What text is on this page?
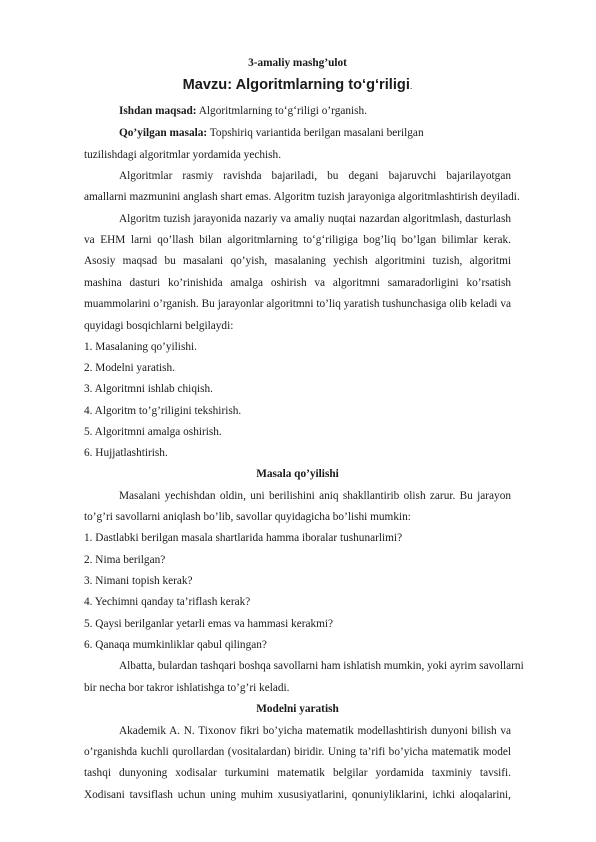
3-amaliy mashg’ulot
Mavzu: Algoritmlarning to‘g‘riligi.
Ishdan maqsad: Algoritmlarning to‘g‘riligi o’rganish.
Qo’yilgan masala: Topshiriq variantida berilgan masalani berilgan
tuzilishdagi algoritmlar yordamida yechish.
Algoritmlar rasmiy ravishda bajariladi, bu degani bajaruvchi bajarilayotgan
amallarni mazmunini anglash shart emas. Algoritm tuzish jarayoniga algoritmlashtirish deyiladi.
Algoritm tuzish jarayonida nazariy va amaliy nuqtai nazardan algoritmlash, dasturlash
va EHM larni qo’llash bilan algoritmlarning to‘g‘riligiga bog’liq bo’lgan bilimlar kerak.
Asosiy maqsad bu masalani qo’yish, masalaning yechish algoritmini tuzish, algoritmi
mashina dasturi ko’rinishida amalga oshirish va algoritmni samaradorligini ko’rsatish
muammolarini o’rganish. Bu jarayonlar algoritmni to’liq yaratish tushunchasiga olib keladi va
quyidagi bosqichlarni belgilaydi:
1. Masalaning qo’yilishi.
2. Modelni yaratish.
3. Algoritmni ishlab chiqish.
4. Algoritm to’g’riligini tekshirish.
5. Algoritmni amalga oshirish.
6. Hujjatlashtirish.
Masala qo’yilishi
Masalani yechishdan oldin, uni berilishini aniq shakllantirib olish zarur. Bu jarayon
to’g’ri savollarni aniqlash bo’lib, savollar quyidagicha bo’lishi mumkin:
1. Dastlabki berilgan masala shartlarida hamma iboralar tushunarlimi?
2. Nima berilgan?
3. Nimani topish kerak?
4. Yechimni qanday ta’riflash kerak?
5. Qaysi berilganlar yetarli emas va hammasi kerakmi?
6. Qanaqa mumkinliklar qabul qilingan?
Albatta, bulardan tashqari boshqa savollarni ham ishlatish mumkin, yoki ayrim savollarni
bir necha bor takror ishlatishga to’g’ri keladi.
Modelni yaratish
Akademik A. N. Tixonov fikri bo’yicha matematik modellashtirish dunyoni bilish va
o’rganishda kuchli qurollardan (vositalardan) biridir. Uning ta’rifi bo’yicha matematik model
tashqi dunyoning xodisalar turkumini matematik belgilar yordamida taxminiy tavsifi.
Xodisani tavsiflash uchun uning muhim xususiyatlarini, qonuniyliklarini, ichki aloqalarini,
